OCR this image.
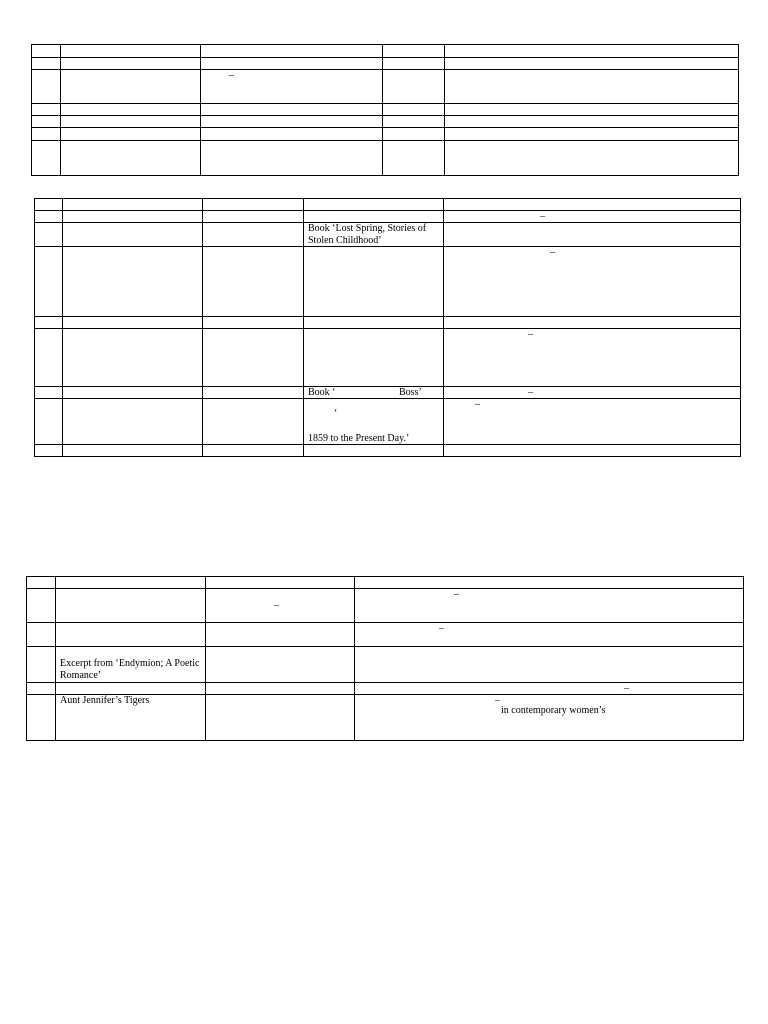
		–		

				–

			Book ‘Lost Spring, Stories of
Stolen Childhood’	

				–

				–

			Book ‘ Boss’	–

			‘
1859 to the Present Day.’	–

		–	–

			–

	Excerpt from ‘Endymion; A Poetic
Romance’		

			–

	Aunt Jennifer’s Tigers		–
in contemporary women’s
